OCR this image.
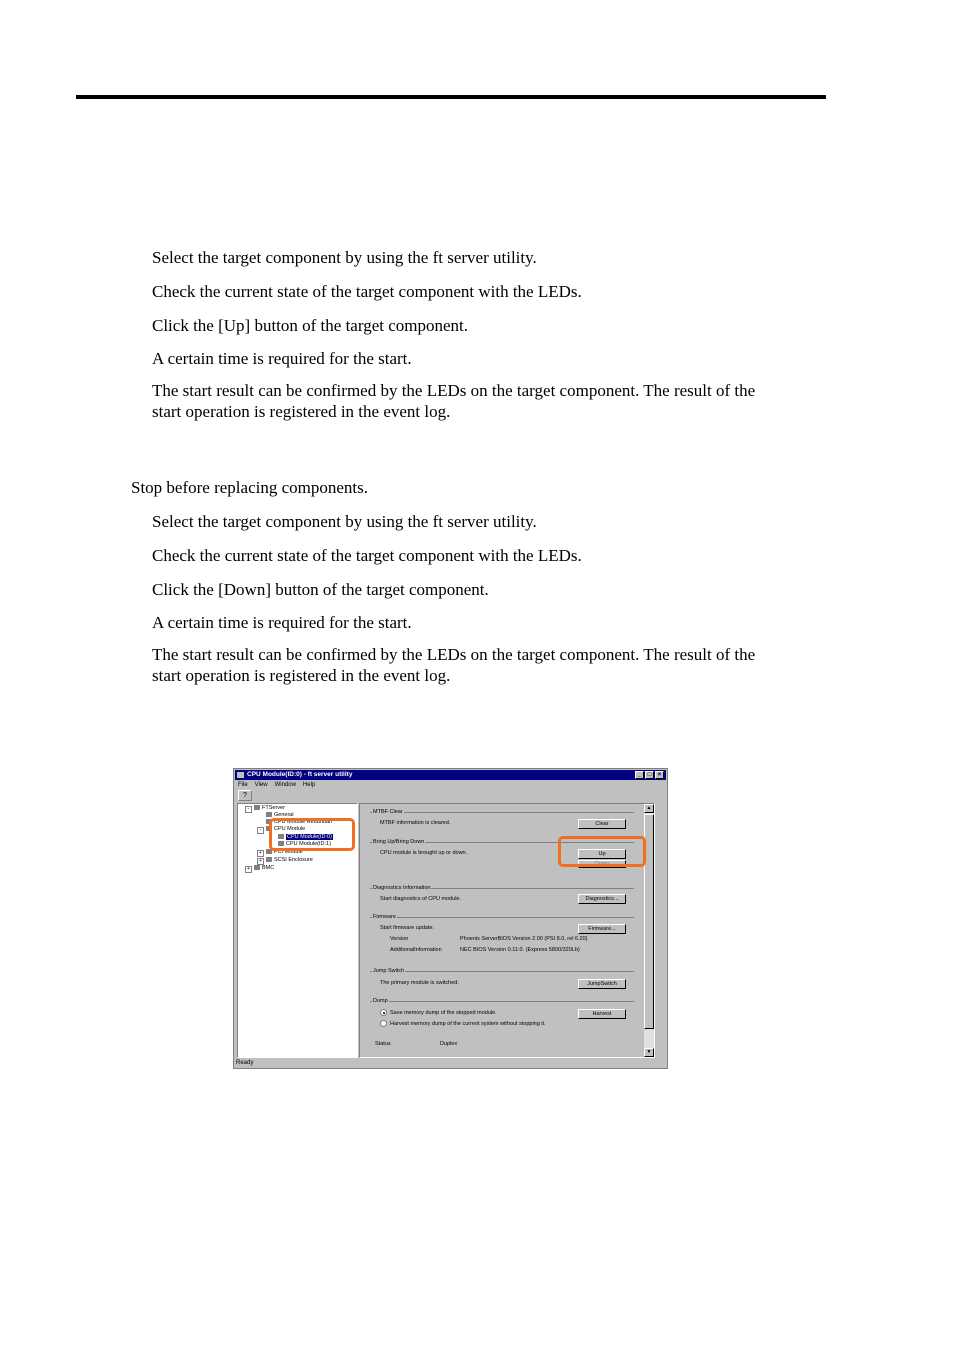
Select the target component by using the ft server utility.
Check the current state of the target component with the LEDs.
Click the [Up] button of the target component.
A certain time is required for the start.
The start result can be confirmed by the LEDs on the target component. The result of the
start operation is registered in the event log.
Stop before replacing components.
Select the target component by using the ft server utility.
Check the current state of the target component with the LEDs.
Click the [Down] button of the target component.
A certain time is required for the start.
The start result can be confirmed by the LEDs on the target component. The result of the
start operation is registered in the event log.
CPU Module(ID:0) - ft server utility	_	□	×
File View Window Help
?
-	FTServer
General
CPU Module Redundan
-	CPU Module
CPU Module(ID:0)
CPU Module(ID:1)
+	PCI Module
+	SCSI Enclosure
+	BMC
MTBF Clear
MTBF information is cleared.	Clear
Bring Up/Bring Down
CPU module is brought up or down.	Up
Down
Diagnostics Information
Start diagnostics of CPU module.	Diagnostics...
Firmware
Start firmware update.	Firmware...
Version	Phoenix ServerBIOS Version 2.00 (PSI 8.0, rel 6.20)
AdditionalInformation	NEC BIOS Version 0.11:0. (Express 5800/320Lb)
Jump Switch
The primary module is switched.	JumpSwitch
Dump
Save memory dump of the stopped module.
Harvest memory dump of the current system without stopping it.
Harvest
Status	Duplex
▲
▼
Ready
